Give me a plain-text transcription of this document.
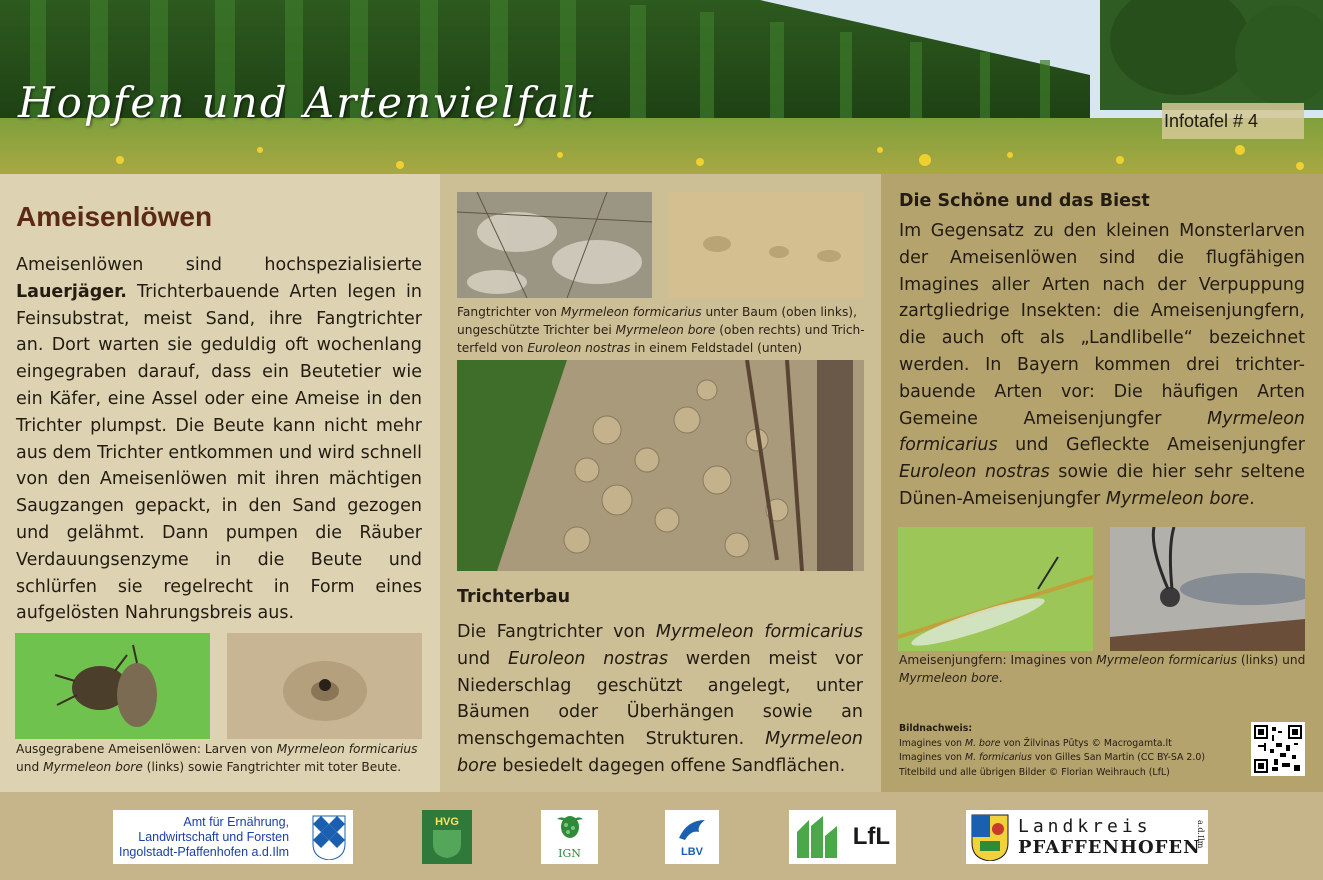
Hopfen und Artenvielfalt	Infotafel # 4
Ameisenlöwen

Ameisenlöwen sind hochspezialisierte Lauerjäger. Trichterbauende Arten legen in Feinsubstrat, meist Sand, ihre Fangtrichter an. Dort warten sie geduldig oft wochenlang eingegraben darauf, dass ein Beutetier wie ein Käfer, eine Assel oder eine Ameise in den Trichter plumpst. Die Beute kann nicht mehr aus dem Trichter entkommen und wird schnell von den Ameisenlöwen mit ihren mächtigen Saugzangen gepackt, in den Sand gezogen und gelähmt. Dann pumpen die Räuber Verdauungsenzyme in die Beute und schlürfen sie regelrecht in Form eines aufgelösten Nahrungsbreis aus.

Ausgegrabene Ameisenlöwen: Larven von Myrmeleon formicarius und Myrmeleon bore (links) sowie Fangtrichter mit toter Beute.
Fangtrichter von Myrmeleon formicarius unter Baum (oben links), ungeschützte Trichter bei Myrmeleon bore (oben rechts) und Trich-terfeld von Euroleon nostras in einem Feldstadel (unten)
Trichterbau

Die Fangtrichter von Myrmeleon formicarius und Euroleon nostras werden meist vor Niederschlag geschützt angelegt, unter Bäumen oder Überhängen sowie an menschgemachten Strukturen. Myrmeleon bore besiedelt dagegen offene Sandflächen.

Die Schöne und das Biest

Im Gegensatz zu den kleinen Monsterlarven der Ameisenlöwen sind die flugfähigen Imagines aller Arten nach der Verpuppung zartgliedrige Insekten: die Ameisenjungfern, die auch oft als „Landlibelle“ bezeichnet werden. In Bayern kommen drei trichter-bauende Arten vor: Die häufigen Arten Gemeine Ameisenjungfer Myrmeleon formicarius und Gefleckte Ameisenjungfer Euroleon nostras sowie die hier sehr seltene Dünen-Ameisenjungfer Myrmeleon bore.

Ameisenjungfern: Imagines von Myrmeleon formicarius (links) und Myrmeleon bore.
Bildnachweis:
Imagines von M. bore von Žilvinas Pūtys © Macrogamta.lt
Imagines von M. formicarius von Gilles San Martin (CC BY-SA 2.0)
Titelbild und alle übrigen Bilder © Florian Weihrauch (LfL)
Amt für Ernährung,
Landwirtschaft und Forsten
Ingolstadt-Pfaffenhofen a.d.Ilm
HVG
IGN	LBV
LfL	Landkreis
PFAFFENHOFEN
a.d.Ilm
